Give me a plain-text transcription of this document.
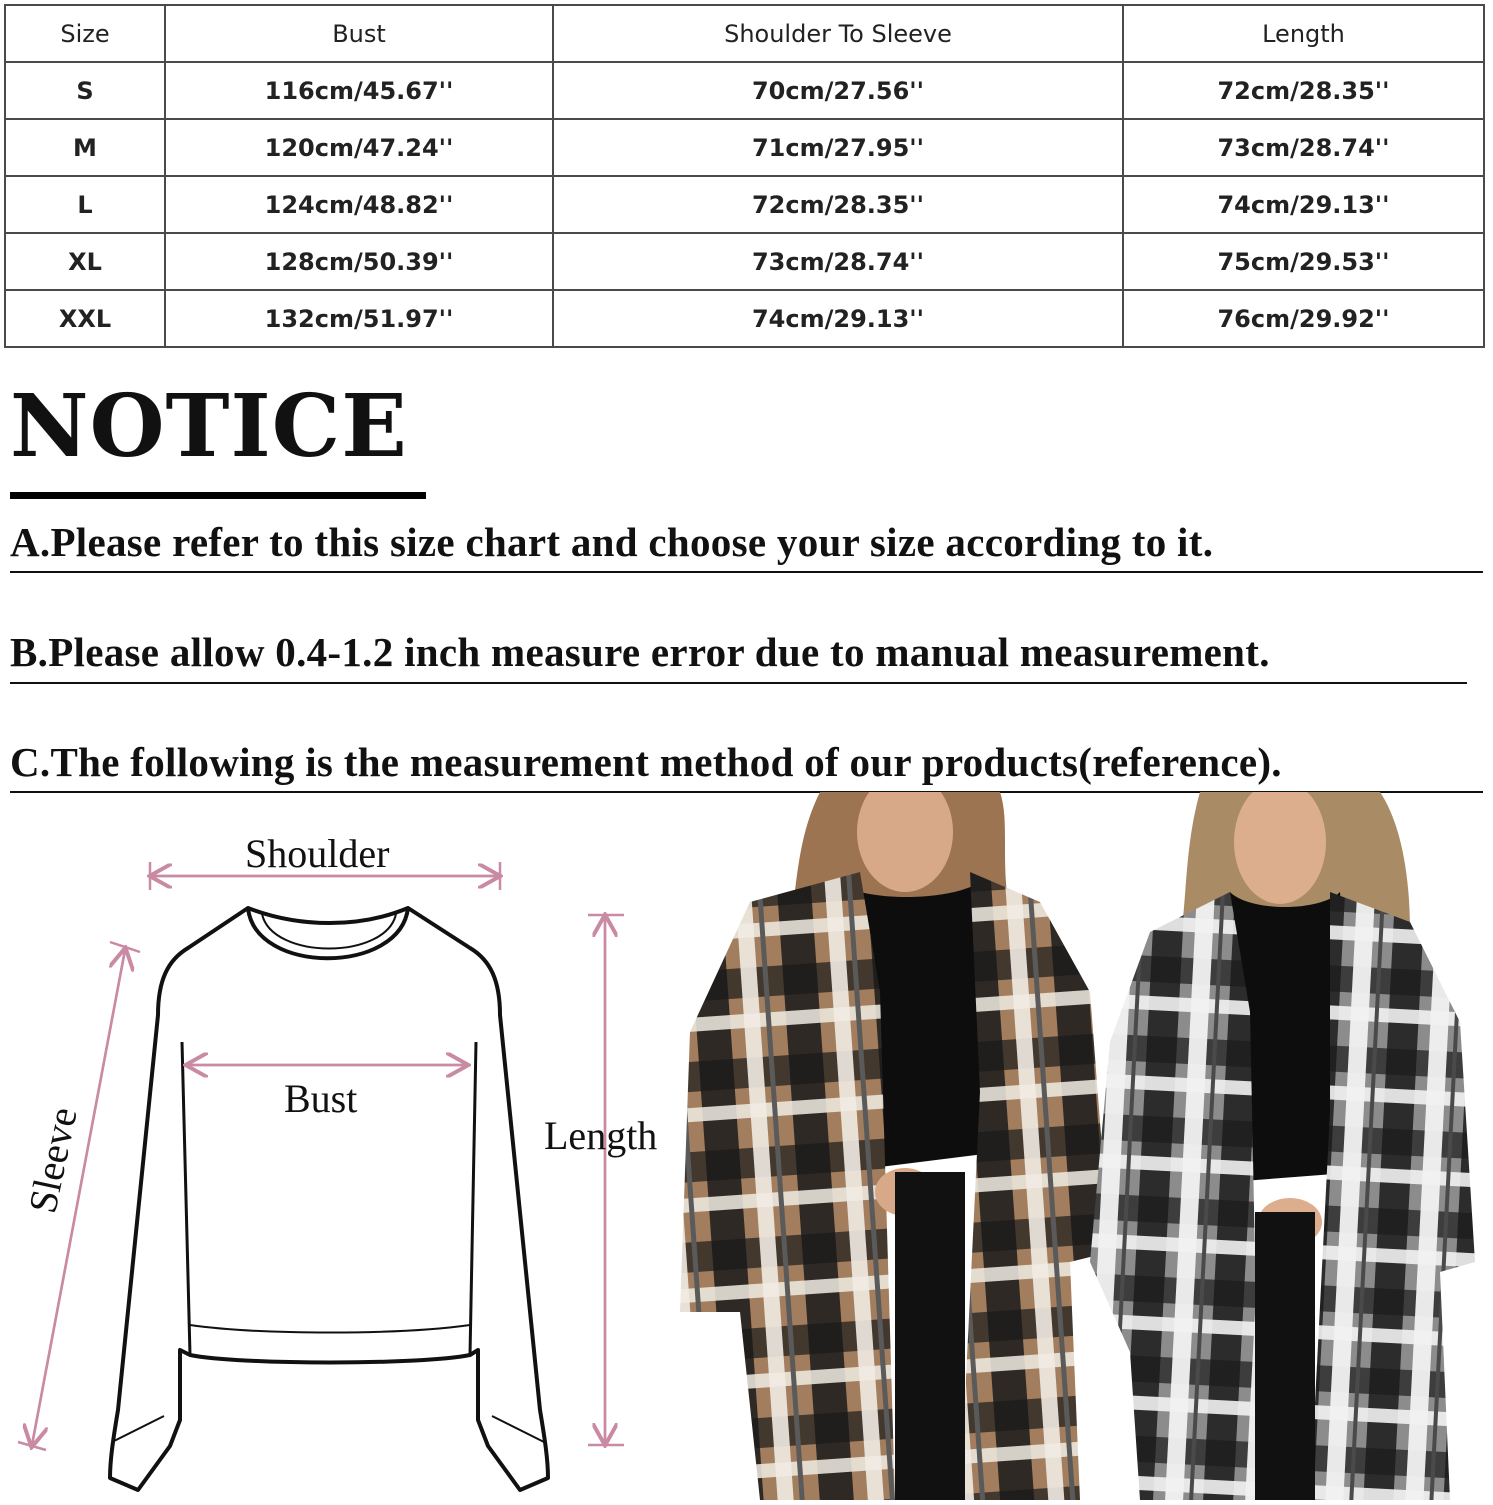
Size	Bust	Shoulder To Sleeve	Length
S	116cm/45.67''	70cm/27.56''	72cm/28.35''
M	120cm/47.24''	71cm/27.95''	73cm/28.74''
L	124cm/48.82''	72cm/28.35''	74cm/29.13''
XL	128cm/50.39''	73cm/28.74''	75cm/29.53''
XXL	132cm/51.97''	74cm/29.13''	76cm/29.92''
NOTICE

A.Please refer to this size chart and choose your size according to it.

B.Please allow 0.4-1.2 inch measure error due to manual measurement.

C.The following is the measurement method of our products(reference).

Shoulder
Bust
Length
Sleeve
